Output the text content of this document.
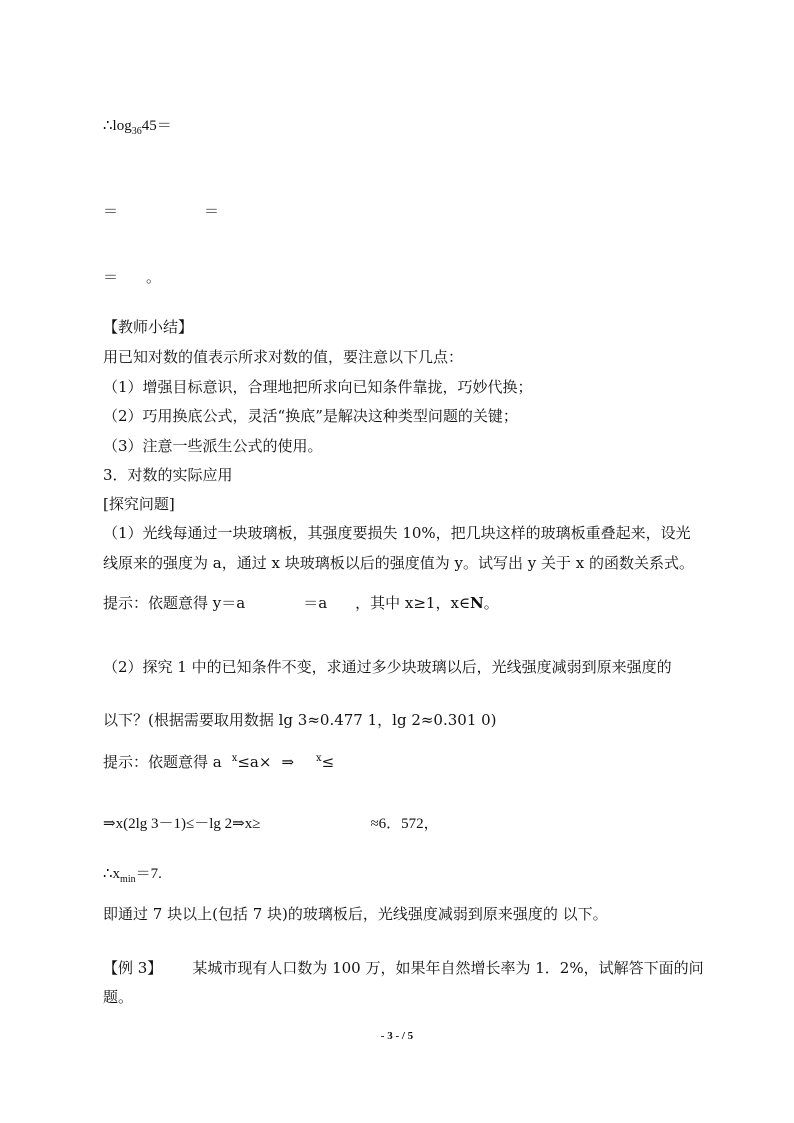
$\therefore\log_{36}45=$
＝	＝
＝ 。
【教师小结】
用已知对数的值表示所求对数的值，要注意以下几点：
（1）增强目标意识，合理地把所求向已知条件靠拢，巧妙代换；
（2）巧用换底公式，灵活“换底”是解决这种类型问题的关键；
（3）注意一些派生公式的使用。
3．对数的实际应用
[探究问题]
（1）光线每通过一块玻璃板，其强度要损失 10%，把几块这样的玻璃板重叠起来，设光
线原来的强度为 a，通过 x 块玻璃板以后的强度值为 y。试写出 y 关于 x 的函数关系式。
提示：依题意得 y＝a	＝a ，其中 x≥1，x∈N。
（2）探究 1 中的已知条件不变，求通过多少块玻璃以后，光线强度减弱到原来强度的
以下？(根据需要取用数据 lg 3≈0.477 1，lg 2≈0.301 0)
提示：依题意得 a $^x$≤a× ⇒ $^x$≤
⇒x(2lg 3－1)≤－lg 2⇒x≥	≈6．572，
$\therefore x_{min}=7$.
即通过 7 块以上(包括 7 块)的玻璃板后，光线强度减弱到原来强度的 以下。
【例 3】 某城市现有人口数为 100 万，如果年自然增长率为 1．2%，试解答下面的问
题。
- 3 - / 5
